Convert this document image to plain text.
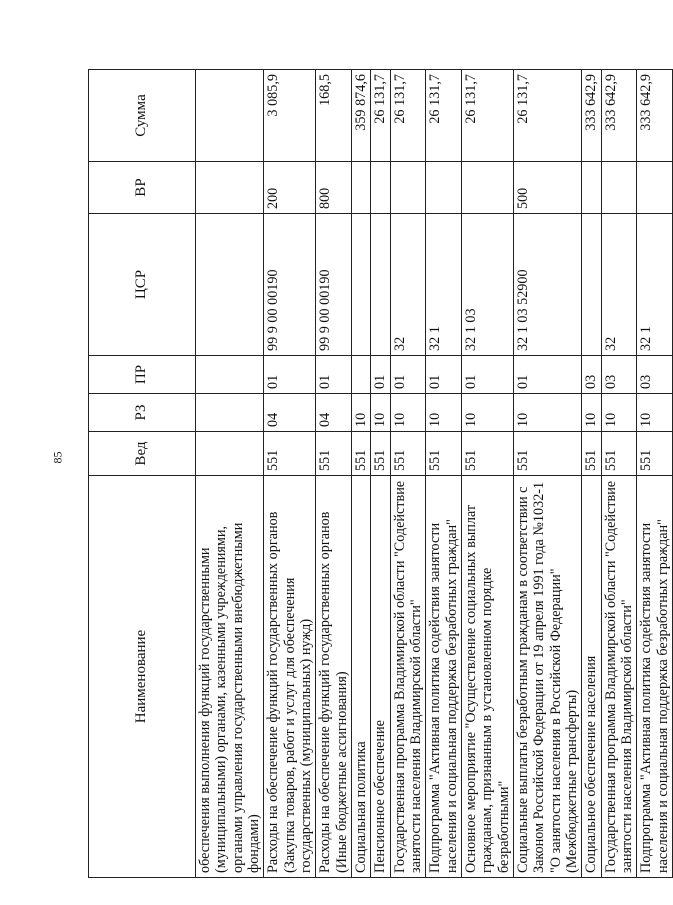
85
Наименование	Вед	РЗ	ПР	ЦСР	ВР	Сумма
обеспечения выполнения функций государственными (муниципальными) органами, казенными учреждениями, органами управления государственными внебюджетными фондами)						
Расходы на обеспечение функций государственных органов (Закупка товаров, работ и услуг для обеспечения государственных (муниципальных) нужд)	551	04	01	99 9 00 00190	200	3 085,9
Расходы на обеспечение функций государственных органов (Иные бюджетные ассигнования)	551	04	01	99 9 00 00190	800	168,5
Социальная политика	551	10				359 874,6
Пенсионное обеспечение	551	10	01			26 131,7
Государственная программа Владимирской области "Содействие занятости населения Владимирской области"	551	10	01	32		26 131,7
Подпрограмма "Активная политика содействия занятости населения и социальная поддержка безработных граждан"	551	10	01	32 1		26 131,7
Основное мероприятие "Осуществление социальных выплат гражданам, признанным в установленном порядке безработными"	551	10	01	32 1 03		26 131,7
Социальные выплаты безработным гражданам в соответствии с Законом Российской Федерации от 19 апреля 1991 года №1032-1 "О занятости населения в Российской Федерации" (Межбюджетные трансферты)	551	10	01	32 1 03 52900	500	26 131,7
Социальное обеспечение населения	551	10	03			333 642,9
Государственная программа Владимирской области "Содействие занятости населения Владимирской области"	551	10	03	32		333 642,9
Подпрограмма "Активная политика содействия занятости населения и социальная поддержка безработных граждан"	551	10	03	32 1		333 642,9
